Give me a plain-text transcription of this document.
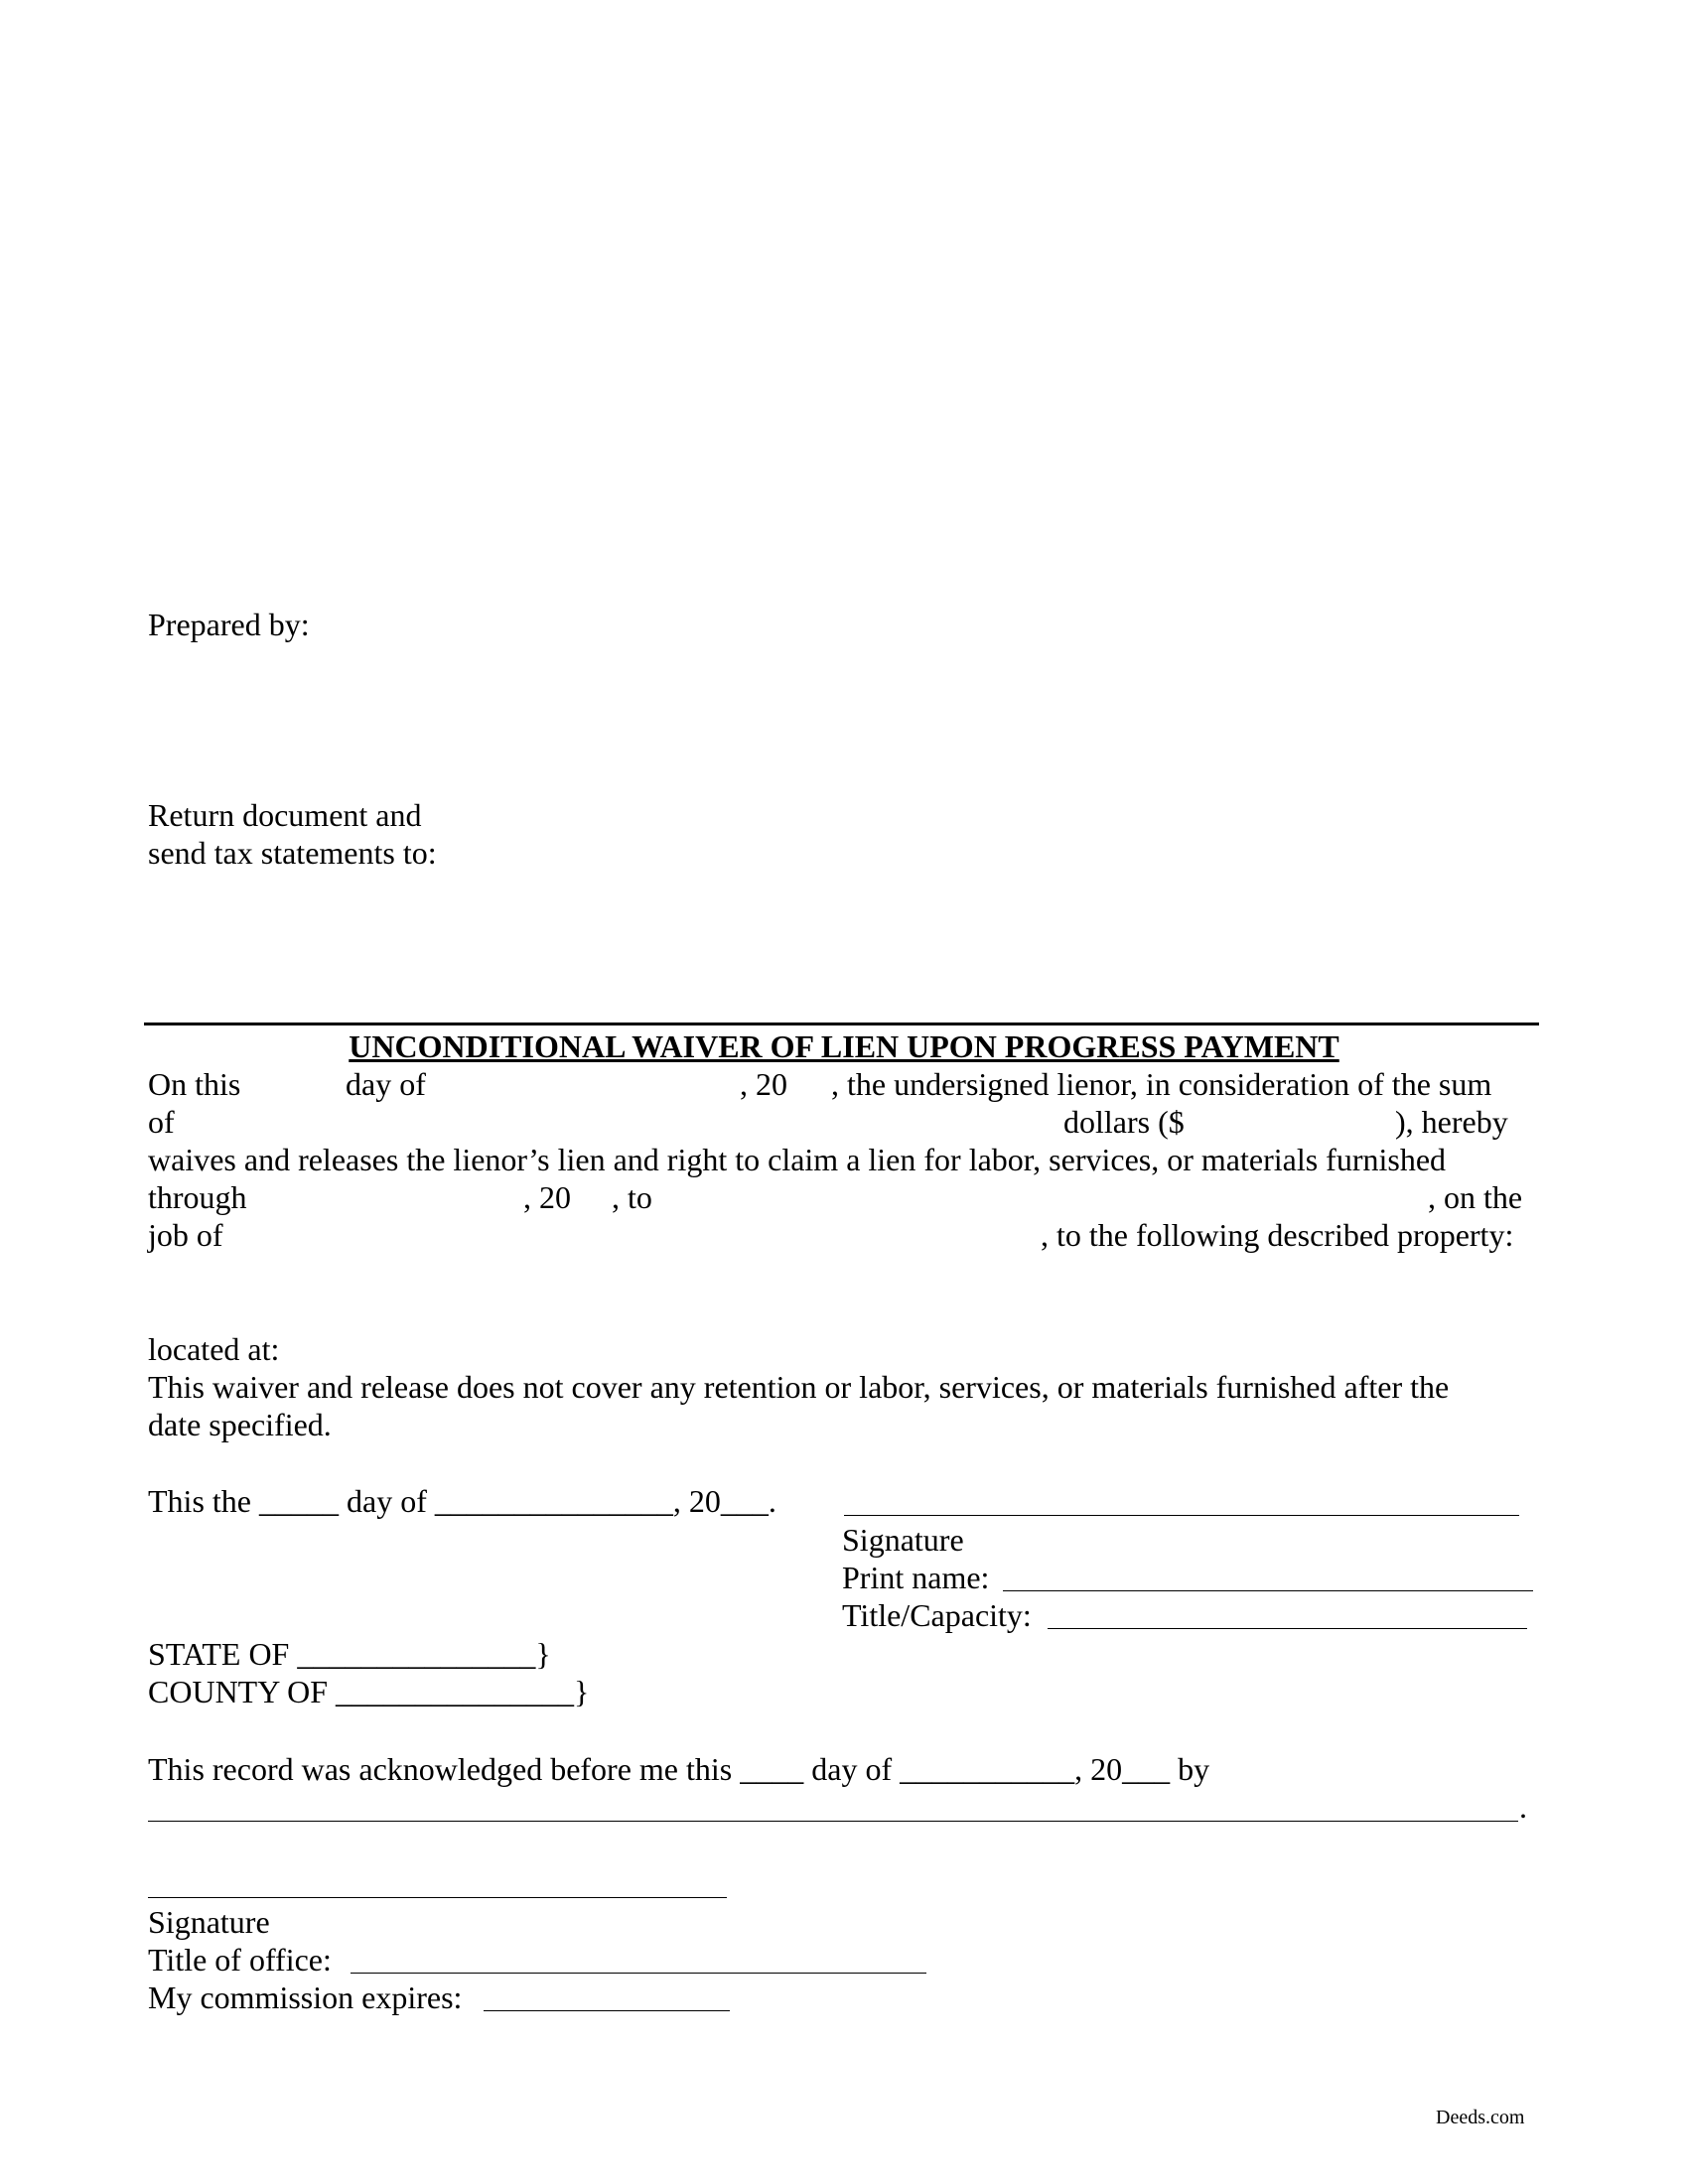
Prepared by:
Return document and
send tax statements to:
UNCONDITIONAL WAIVER OF LIEN UPON PROGRESS PAYMENT
On this	day of	, 20 , the undersigned lienor, in consideration of the sum
of	dollars ($	), hereby
waives and releases the lienor’s lien and right to claim a lien for labor, services, or materials furnished
through	, 20 , to	, on the
job of	, to the following described property:
located at:
This waiver and release does not cover any retention or labor, services, or materials furnished after the
date specified.
This the _____ day of _______________, 20___.
Signature
Print name:
Title/Capacity:
STATE OF _______________}
COUNTY OF _______________}
This record was acknowledged before me this ____ day of ___________, 20___ by
.
Signature
Title of office:
My commission expires:
Deeds.com
